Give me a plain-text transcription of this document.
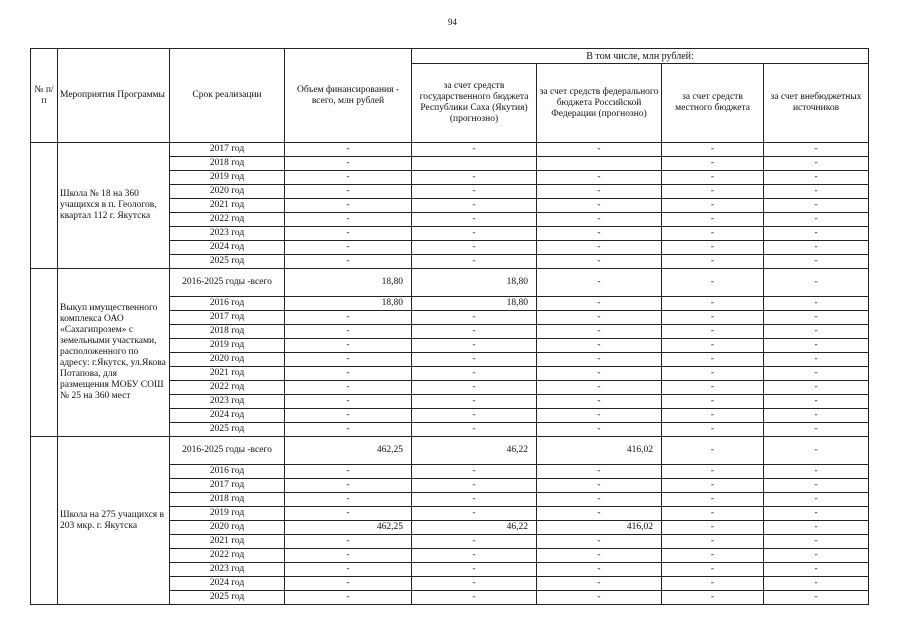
94
№ п/п	Мероприятия Программы	Срок реализации	Объем финансирования - всего, млн рублей	В том числе, млн рублей:			
				за счет средств государственного бюджета Республики Саха (Якутия) (прогнозно)	за счет средств федерального бюджета Российской Федерации (прогнозно)	за счет средств местного бюджета	за счет внебюджетных источников
	Школа № 18 на 360 учащихся в п. Геологов, квартал 112 г. Якутска	2017 год	-	-	-	-	-
		2018 год	-			-	-
		2019 год	-	-	-	-	-
		2020 год	-	-	-	-	-
		2021 год	-	-	-	-	-
		2022 год	-	-	-	-	-
		2023 год	-	-	-	-	-
		2024 год	-	-	-	-	-
		2025 год	-	-	-	-	-
	Выкуп имущественного комплекса ОАО «Сахагипрозем» с земельными участками, расположенного по адресу: г.Якутск, ул.Якова Потапова, для размещения МОБУ СОШ № 25 на 360 мест	2016-2025 годы -всего	18,80	18,80	-	-	-
		2016 год	18,80	18,80	-	-	-
		2017 год	-	-	-	-	-
		2018 год	-	-	-	-	-
		2019 год	-	-	-	-	-
		2020 год	-	-	-	-	-
		2021 год	-	-	-	-	-
		2022 год	-	-	-	-	-
		2023 год	-	-	-	-	-
		2024 год	-	-	-	-	-
		2025 год	-	-	-	-	-
	Школа на 275 учащихся в 203 мкр. г. Якутска	2016-2025 годы -всего	462,25	46,22	416,02	-	-
		2016 год	-	-	-	-	-
		2017 год	-	-	-	-	-
		2018 год	-	-	-	-	-
		2019 год	-	-	-	-	-
		2020 год	462,25	46,22	416,02	-	-
		2021 год	-	-	-	-	-
		2022 год	-	-	-	-	-
		2023 год	-	-	-	-	-
		2024 год	-	-	-	-	-
		2025 год	-	-	-	-	-
